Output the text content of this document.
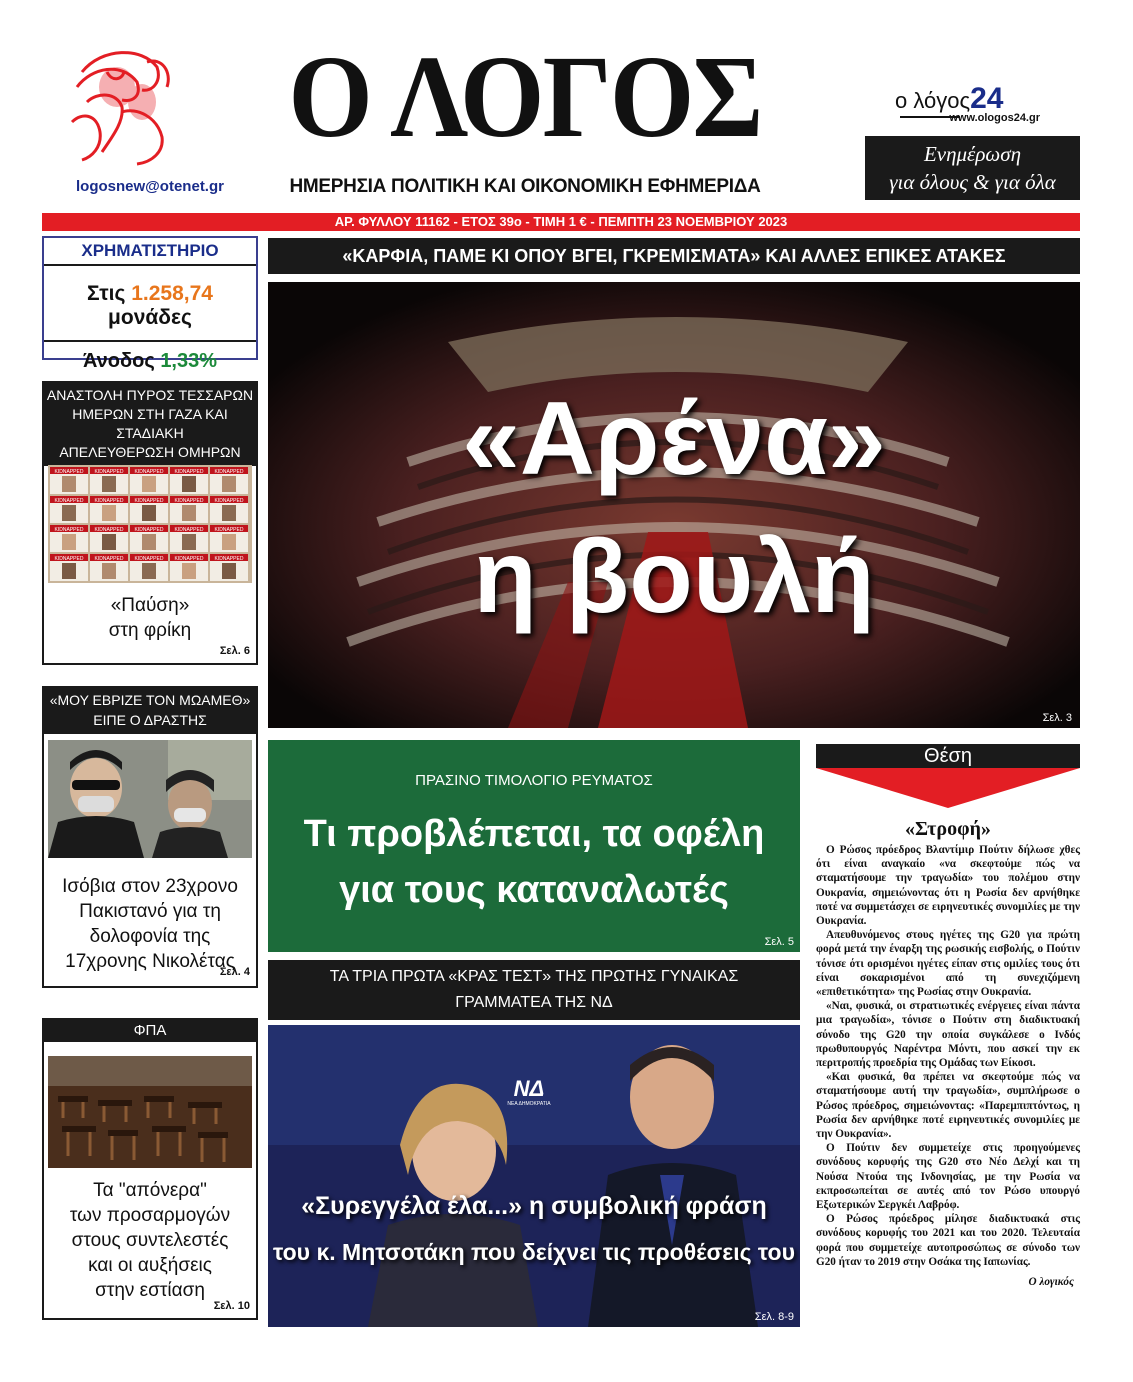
logosnew@otenet.gr
Ο ΛΟΓΟΣ
ΗΜΕΡΗΣΙΑ ΠΟΛΙΤΙΚΗ ΚΑΙ ΟΙΚΟΝΟΜΙΚΗ ΕΦΗΜΕΡΙΔΑ
ο λόγος24
www.ologos24.gr
Ενημέρωση
για όλους & για όλα
ΑΡ. ΦΥΛΛΟΥ 11162 - ΕΤΟΣ 39ο - ΤΙΜΗ 1 € - ΠΕΜΠΤΗ 23 ΝΟΕΜΒΡΙΟΥ 2023
ΧΡΗΜΑΤΙΣΤΗΡΙΟ
Στις 1.258,74 μονάδες
Άνοδος 1,33%
ΑΝΑΣΤΟΛΗ ΠΥΡΟΣ ΤΕΣΣΑΡΩΝ
ΗΜΕΡΩΝ ΣΤΗ ΓΑΖΑ ΚΑΙ ΣΤΑΔΙΑΚΗ
ΑΠΕΛΕΥΘΕΡΩΣΗ ΟΜΗΡΩΝ
KIDNAPPED KIDNAPPED KIDNAPPED KIDNAPPED KIDNAPPED
KIDNAPPED KIDNAPPED KIDNAPPED KIDNAPPED KIDNAPPED
KIDNAPPED KIDNAPPED KIDNAPPED KIDNAPPED KIDNAPPED
KIDNAPPED KIDNAPPED KIDNAPPED KIDNAPPED KIDNAPPED
«Παύση»
στη φρίκη
Σελ. 6
«ΜΟΥ ΕΒΡΙΖΕ ΤΟΝ ΜΩΑΜΕΘ»
ΕΙΠΕ Ο ΔΡΑΣΤΗΣ
Ισόβια στον 23χρονο
Πακιστανό για τη
δολοφονία της
17χρονης Νικολέτας
Σελ. 4
ΦΠΑ
Τα "απόνερα"
των προσαρμογών
στους συντελεστές
και οι αυξήσεις
στην εστίαση
Σελ. 10
«ΚΑΡΦΙΑ, ΠΑΜΕ ΚΙ ΟΠΟΥ ΒΓΕΙ, ΓΚΡΕΜΙΣΜΑΤΑ» ΚΑΙ ΑΛΛΕΣ ΕΠΙΚΕΣ ΑΤΑΚΕΣ
«Αρένα»
η βουλή
Σελ. 3
ΠΡΑΣΙΝΟ ΤΙΜΟΛΟΓΙΟ ΡΕΥΜΑΤΟΣ
Τι προβλέπεται, τα οφέλη
για τους καταναλωτές
Σελ. 5
ΤΑ ΤΡΙΑ ΠΡΩΤΑ «ΚΡΑΣ ΤΕΣΤ» ΤΗΣ ΠΡΩΤΗΣ ΓΥΝΑΙΚΑΣ
ΓΡΑΜΜΑΤΕΑ ΤΗΣ ΝΔ
ΝΔ
ΝΕΑ ΔΗΜΟΚΡΑΤΙΑ
«Συρεγγέλα έλα...» η συμβολική φράση
του κ. Μητσοτάκη που δείχνει τις προθέσεις του
Σελ. 8-9
Θέση
«Στροφή»

Ο Ρώσος πρόεδρος Βλαντίμιρ Πούτιν δήλωσε χθες ότι είναι αναγκαίο «να σκεφτούμε πώς να σταματήσουμε την τραγωδία» του πολέμου στην Ουκρανία, σημειώνοντας ότι η Ρωσία δεν αρνήθηκε ποτέ να συμμετάσχει σε ειρηνευτικές συνομιλίες με την Ουκρανία.

Απευθυνόμενος στους ηγέτες της G20 για πρώτη φορά μετά την έναρξη της ρωσικής εισβολής, ο Πούτιν τόνισε ότι ορισμένοι ηγέτες είπαν στις ομιλίες τους ότι είναι σοκαρισμένοι από τη συνεχιζόμενη «επιθετικότητα» της Ρωσίας στην Ουκρανία.

«Ναι, φυσικά, οι στρατιωτικές ενέργειες είναι πάντα μια τραγωδία», τόνισε ο Πούτιν στη διαδικτυακή σύνοδο της G20 την οποία συγκάλεσε ο Ινδός πρωθυπουργός Ναρέντρα Μόντι, που ασκεί την εκ περιτροπής προεδρία της Ομάδας των Είκοσι.

«Και φυσικά, θα πρέπει να σκεφτούμε πώς να σταματήσουμε αυτή την τραγωδία», συμπλήρωσε ο Ρώσος πρόεδρος, σημειώνοντας: «Παρεμπιπτόντως, η Ρωσία δεν αρνήθηκε ποτέ ειρηνευτικές συνομιλίες με την Ουκρανία».

Ο Πούτιν δεν συμμετείχε στις προηγούμενες συνόδους κορυφής της G20 στο Νέο Δελχί και τη Νούσα Ντούα της Ινδονησίας, με την Ρωσία να εκπροσωπείται σε αυτές από τον Ρώσο υπουργό Εξωτερικών Σεργκέι Λαβρόφ.

Ο Ρώσος πρόεδρος μίλησε διαδικτυακά στις συνόδους κορυφής του 2021 και του 2020. Τελευταία φορά που συμμετείχε αυτοπροσώπως σε σύνοδο των G20 ήταν το 2019 στην Οσάκα της Ιαπωνίας.

Ο λογικός
